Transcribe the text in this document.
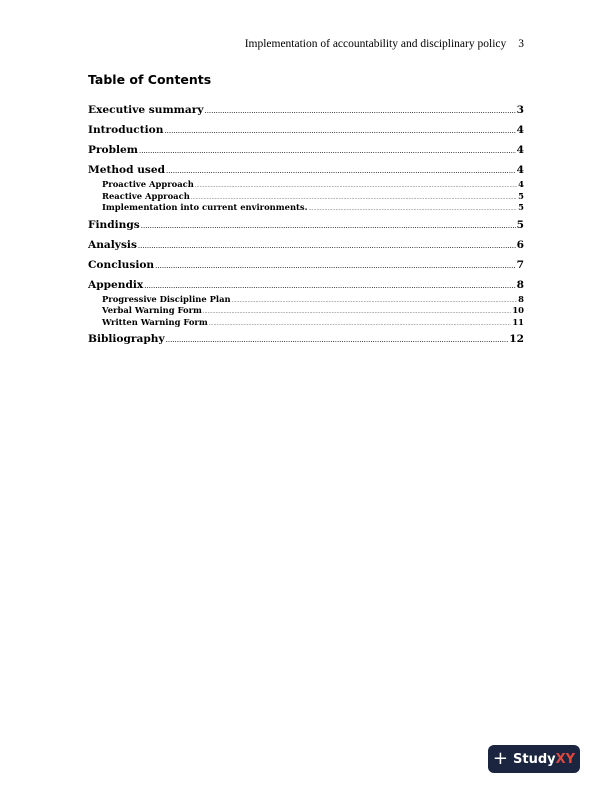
Implementation of accountability and disciplinary policy 3
Table of Contents
Executive summary .....	3
Introduction .....	4
Problem .....	4
Method used .....	4
Proactive Approach .....	4
Reactive Approach .....	5
Implementation into current environments. .....	5
Findings .....	5
Analysis .....	6
Conclusion .....	7
Appendix .....	8
Progressive Discipline Plan .....	8
Verbal Warning Form .....	10
Written Warning Form .....	11
Bibliography .....	12
+ StudyXY
